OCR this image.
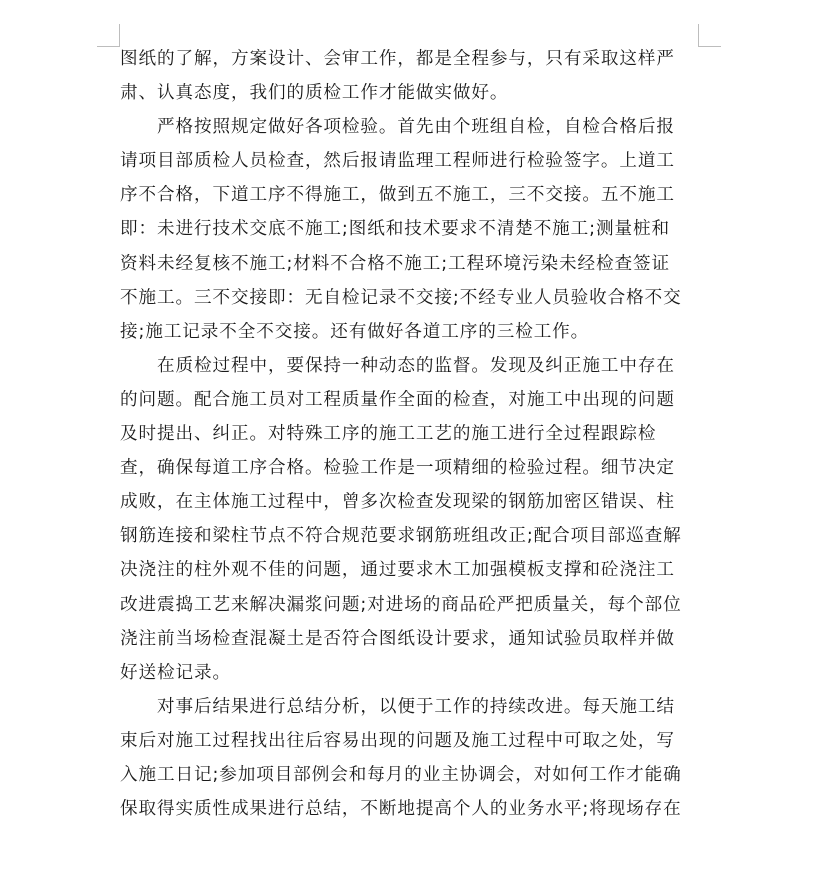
图纸的了解，方案设计、会审工作，都是全程参与，只有采取这样严
肃、认真态度，我们的质检工作才能做实做好。
　　严格按照规定做好各项检验。首先由个班组自检，自检合格后报
请项目部质检人员检查，然后报请监理工程师进行检验签字。上道工
序不合格，下道工序不得施工，做到五不施工，三不交接。五不施工
即：未进行技术交底不施工;图纸和技术要求不清楚不施工;测量桩和
资料未经复核不施工;材料不合格不施工;工程环境污染未经检查签证
不施工。三不交接即：无自检记录不交接;不经专业人员验收合格不交
接;施工记录不全不交接。还有做好各道工序的三检工作。
　　在质检过程中，要保持一种动态的监督。发现及纠正施工中存在
的问题。配合施工员对工程质量作全面的检查，对施工中出现的问题
及时提出、纠正。对特殊工序的施工工艺的施工进行全过程跟踪检
查，确保每道工序合格。检验工作是一项精细的检验过程。细节决定
成败，在主体施工过程中，曾多次检查发现梁的钢筋加密区错误、柱
钢筋连接和梁柱节点不符合规范要求钢筋班组改正;配合项目部巡查解
决浇注的柱外观不佳的问题，通过要求木工加强模板支撑和砼浇注工
改进震捣工艺来解决漏浆问题;对进场的商品砼严把质量关，每个部位
浇注前当场检查混凝土是否符合图纸设计要求，通知试验员取样并做
好送检记录。
　　对事后结果进行总结分析，以便于工作的持续改进。每天施工结
束后对施工过程找出往后容易出现的问题及施工过程中可取之处，写
入施工日记;参加项目部例会和每月的业主协调会，对如何工作才能确
保取得实质性成果进行总结，不断地提高个人的业务水平;将现场存在
